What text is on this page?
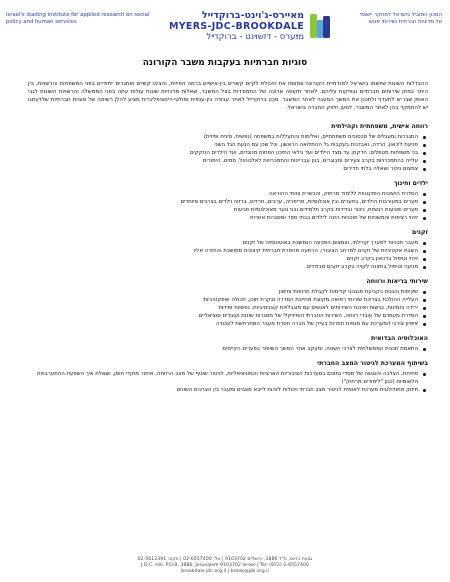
Israel's leading institute for applied research on social policy and human services
מאיירס-ג'וינט-ברוקדייל
MYERS-JDC-BROOKDALE
מײַערס - דזשױנט - ברוקדײל
המכון המוביל בישראל למחקר יישומי
על מדיניות חברתית ושירותי אנוש
סוגיות חברתיות בעקבות משבר הקורונה

ההבדלות השונות שיושמו בישראל לפנדמיית הקורונה צמצמו את היכולת לקיים קשרים בין-אישיים ברמה הפיזית, והציבו קשיים ואתגרים ייחודיים בפני המשפחות והרשויות, בין היתר במתן שירותים חברתיים ובפיקוח עליהם. לאחר תקופה ארוכה של התמודדות בצל המשבר, שאלות מרכזיות שונות עולות עתה בפני הממשלה והרשויות השונות לגבי האופן שבו יש לתעדף ולתכנן את המשך המענה לאחר המשבר. מכון ברוקדייל לאחר עבודה בין-ענפית ומולטי-דיסציפלינרית מציע להלן רשימה של סוגיות חברתיות שלדעתנו יש להתמקד בהן לאחר המשבר, למען חיזוק החברה בישראל.

רווחה אישית, משפחתית וקהילתית
התגברות ומעגלים של סכסוכים משפחתיים, ואלימות והתעללות במשפחה (נפשית, מינית ופיזית)
פגיעת ליכאון, הרדה, ואבדנות בעקבות גל ההתלואה הראשון, וכל שכן עם הגעת הגל השני
בני משפחות מטפלים: הדקוק עד מצד הילדים ועד גילאי התיכון הפחות מנוגדים, ועד הילדים הנזקקים
עלייה בהתמכרויות בקרב צעירים ומבוגרים, בגין עבריינות והתמכרויות לאלכוהול, סמים, הימורים
צמצום ניכור ושאלה בלתי חדירים
ילדים וחינוך
הסדרת הישיבות הפדגוגיות ללימוד מרחוק, והכשרת צוותי ההוראה
פערים במעורבות הילדים, בפערים ובין אוכלוסיות, פריפריה, ערבים, חרדים, ברזוה וילדים בצרכים מיוחדים
פערים ופגיעות רגשיות, ניכור ובדידות בקרב תלמידים ובני נוער מאוכלוסיות פגיעות
זיהוי רציפות והמשכיות של תוכניות הזנה לילדים בבתי ספר ומסגרות אחרות
זקנים
מעבר תכניות למערך קהילתי, וצמצום הפגיעה הנמשכת באוטונומיה של זקנים
השבת אקטיביות של זקנים למרחב הציבורי, הרתעה מהפרת חברתית קיצונית ממושכת והחזרה אליו
זיהוי וטיפול בדכאון בקרב זקנים
מניעה וטיפול בתזונה לקויה בקרב זקנים מבודדים
שירותי בריאות ורווחה
שקיפות והגנות בקביעת מנגנוני קדימות לקבלת תרופות וחיסון
העלייה ההולכת בצריכת שירותי רפואה מקוונת מחייבת הסדרה ובקרת תוכן, תכולה ואפקטיביות
ירידה בזמינות, נגישות ואיכות השירותים לאנשים עם מוגבלויות קוגניטיביות, נפשיות ופיזיות
הסדרת מעמדם של עובדי רווחה, השירות החברתי והפיזיקלי של מסגרות שונות ועובדים סוציאליים
איפיון צורכי המערכת עם מגפות חוזרות בעידן של חברה חסרת מעבר המתרחשת לעבודה
האוכלוסיה הבדואית
התאמת תכנית הממשלתית לצרכי השטח, ומעקב אחר המשך השיפור בפערים הקיימים
בשיתוף המערכת לניטור המצב החברתי
פתיחת, הצלבה והנגשה של מסדי נתונים במערכות הציבוריות הארציות והמוניציפליות, לניטור שוטף של מצב הרווחה, איתור מוקדי חוסן, ושאלת איך השפעת ההתערבויות הלאומיות (כגון "לימודים מרחוק")
חיזוק מתודולוגית מערכת לאומית לניטור מצב חברתי ויכולות לזהות לייבא מצבים ומעבר בין הצרכים השונים
גבעת ג'וינט, ת"ד 3886, ירושלים 9103702 | טל: 02-6557400 | פקס: 02-5612391
J.D.C. Hill, P.O.B. 3886, Jerusalem 9103702 Israel | Tel: (972)-2-6557400
brookdale.jdc.org.il | brook@jdc.org.il
